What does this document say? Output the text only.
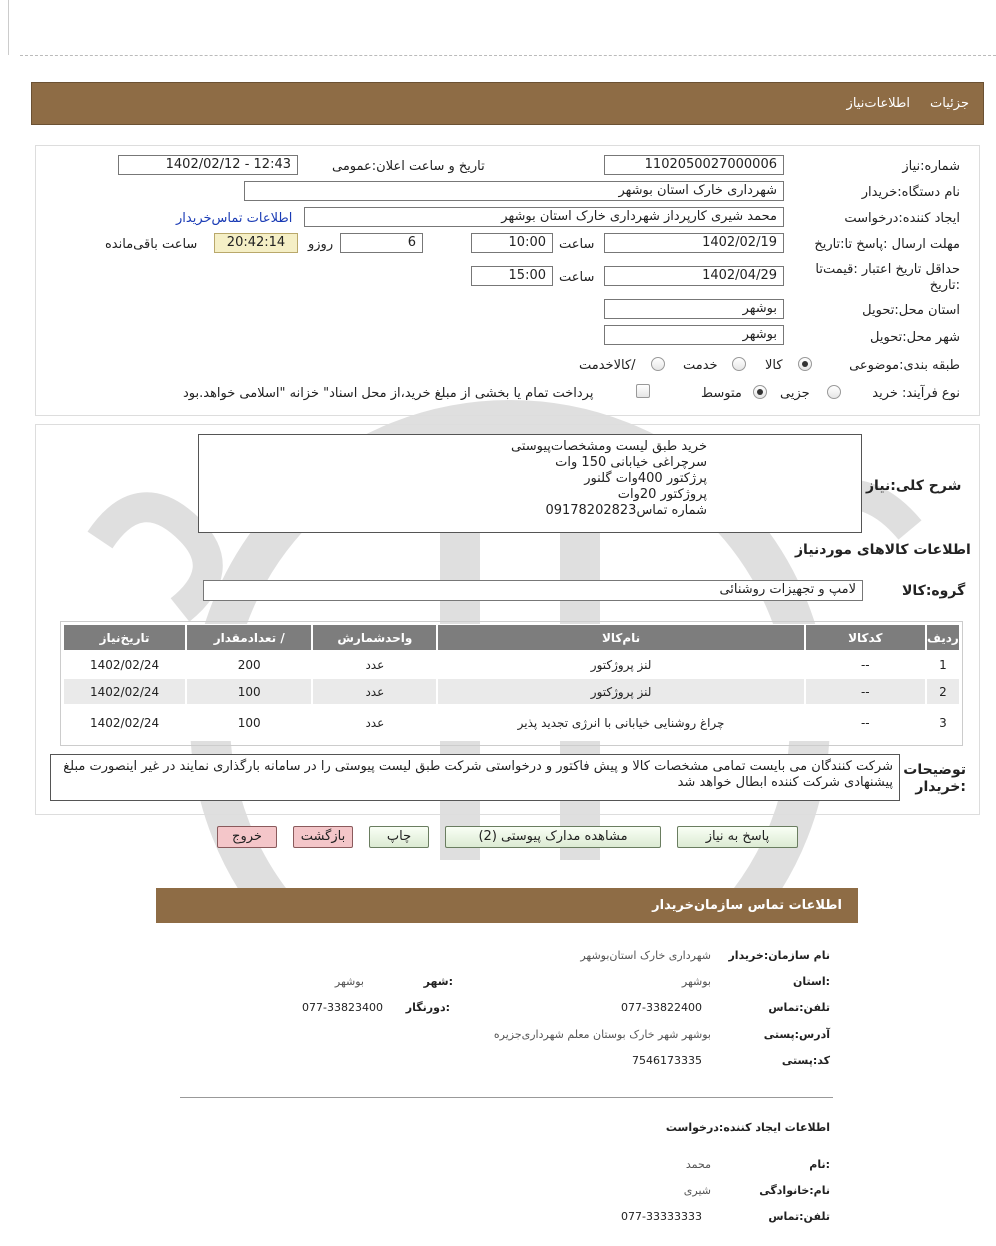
جزئیات
اطلاعات‌نیاز
شماره:نیاز
1102050027000006
تاریخ و ساعت اعلان:عمومی
1402/02/12 - 12:43
نام دستگاه:خریدار
شهرداری خارک استان بوشهر
ایجاد کننده:درخواست
محمد شیری کارپرداز شهرداری خارک استان بوشهر
اطلاعات تماس‌خریدار
مهلت ارسال :پاسخ تا:تاریخ
1402/02/19
ساعت
10:00
6
روزو
20:42:14
ساعت باقی‌مانده
حداقل تاریخ اعتبار :قیمت‌تا
:تاریخ
1402/04/29
ساعت
15:00
استان محل:تحویل
بوشهر
شهر محل:تحویل
بوشهر
طبقه بندی:موضوعی
کالا
خدمت
/کالاخدمت
نوع فرآیند: خرید
جزیی
متوسط
پرداخت تمام یا بخشی از مبلغ خرید،از محل اسناد" خزانه "اسلامی خواهد.بود
شرح کلی:نیاز
خرید طبق لیست ومشخصات‌پیوستی
سرچراغی خیابانی 150 وات
پرژکتور 400وات گلنور
پروژکتور 20وات
شماره تماس09178202823
اطلاعات کالاهای موردنیاز
گروه:کالا
لامپ و تجهیزات روشنائی
ردیف	کدکالا	نام‌کالا	واحدشمارش	/ تعدادمقدار	تاریخ‌نیاز
1	--	لنز پروژکتور	عدد	200	1402/02/24
2	--	لنز پروژکتور	عدد	100	1402/02/24
3	--	چراغ روشنایی خیابانی با انرژی تجدید پذیر	عدد	100	1402/02/24
توضیحات
:خریدار
شرکت کنندگان می بایست تمامی مشخصات کالا و پیش فاکتور و درخواستی شرکت طبق لیست پیوستی را در سامانه بارگذاری نمایند در غیر اینصورت مبلغ پیشنهادی شرکت کننده ابطال خواهد شد
پاسخ به نیاز
مشاهده مدارک پیوستی (2)
چاپ
بازگشت
خروج
اطلاعات تماس سازمان‌خریدار
نام سازمان:خریدار
شهرداری خارک استان‌بوشهر
:استان
بوشهر
:شهر
بوشهر
تلفن:تماس
077-33822400
:دورنگار
077-33823400
آدرس:پستی
بوشهر شهر خارک بوستان معلم شهرداری‌جزیره
کد:پستی
7546173335
اطلاعات ایجاد کننده:درخواست
:نام
محمد
نام:خانوادگی
شیری
تلفن:تماس
077-33333333
